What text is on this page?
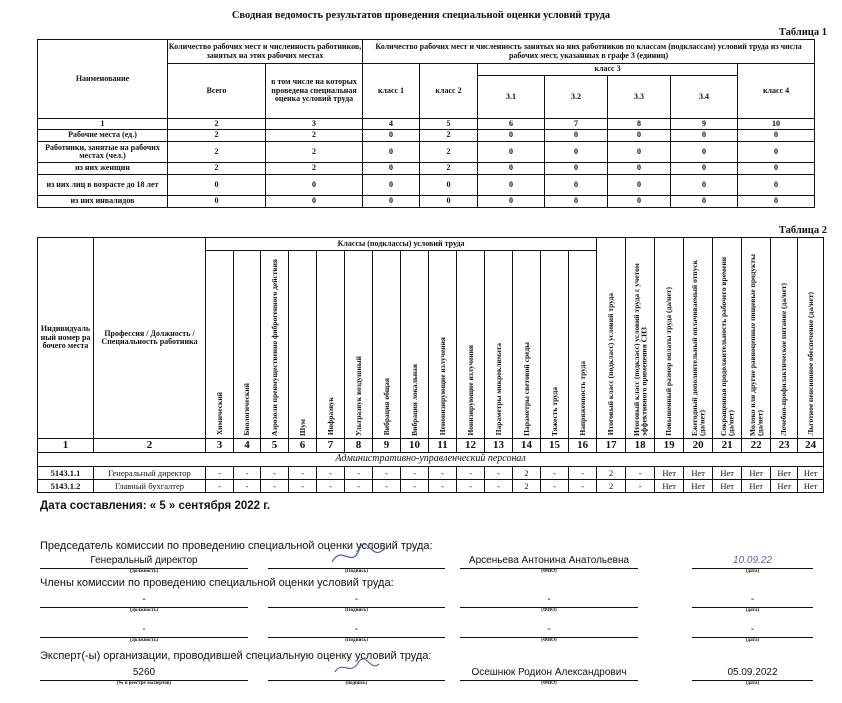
Сводная ведомость результатов проведения специальной оценки условий труда
Таблица 1
Наименование	Количество рабочих мест и численность работников, занятых на этих рабочих местах		Количество рабочих мест и численность занятых на них работников по классам (подклассам) условий труда из числа рабочих мест, указанных в графе 3 (единиц)						
	Всего	в том числе на которых проведена специальная оценка условий труда	класс 1	класс 2	класс 3				класс 4
					3.1	3.2	3.3	3.4	
1	2	3	4	5	6	7	8	9	10
Рабочие места (ед.)	2	2	0	2	0	0	0	0	0
Работники, занятые на рабочих местах (чел.)	2	2	0	2	0	0	0	0	0
из них женщин	2	2	0	2	0	0	0	0	0
из них лиц в возрасте до 18 лет	0	0	0	0	0	0	0	0	0
из них инвалидов	0	0	0	0	0	0	0	0	0
Таблица 2
Индивидуальный номер рабочего места	Профессия / Должность / Специальность работника	Классы (подклассы) условий труда														Итоговый класс (подкласс) условий труда	Итоговый класс (подкласс) условий труда с учетом эффективного применения СИЗ	Повышенный размер оплаты труда (да/нет)	Ежегодный дополнительный оплачиваемый отпуск (да/нет)	Сокращенная продолжительность рабочего времени (да/нет)	Молоко или другие равноценные пищевые продукты (да/нет)	Лечебно-профилактическое питание (да/нет)	Льготное пенсионное обеспечение (да/нет)
		Химический	Биологический	Аэрозоли преимущественно фиброгенного действия	Шум	Инфразвук	Ультразвук воздушный	Вибрация общая	Вибрация локальная	Неионизирующие излучения	Ионизирующие излучения	Параметры микроклимата	Параметры световой среды	Тяжесть труда	Напряженность труда								
1	2	3	4	5	6	7	8	9	10	11	12	13	14	15	16	17	18	19	20	21	22	23	24
Административно-управленческий персонал																							
5143.1.1	Генеральный директор	-	-	-	-	-	-	-	-	-	-	-	2	-	-	2	-	Нет	Нет	Нет	Нет	Нет	Нет
5143.1.2	Главный бухгалтер	-	-	-	-	-	-	-	-	-	-	-	2	-	-	2	-	Нет	Нет	Нет	Нет	Нет	Нет
Дата составления: « 5 » сентября 2022 г.
Председатель комиссии по проведению специальной оценки условий труда:
Генеральный директор
(Должность)	(Подпись)
Арсеньева Антонина Анатольевна
(ФИО)
10.09.22
(дата)
Члены комиссии по проведению специальной оценки условий труда:
-
(Должность)
-
(Подпись)
-
(ФИО)
-
(дата)
-
(Должность)
-
(Подпись)
-
(ФИО)
-
(дата)
Эксперт(-ы) организации, проводившей специальную оценку условий труда:
5260
(№ в реестре экспертов)	(подпись)
Осешнюк Родион Александрович
(ФИО)
05.09.2022
(дата)
